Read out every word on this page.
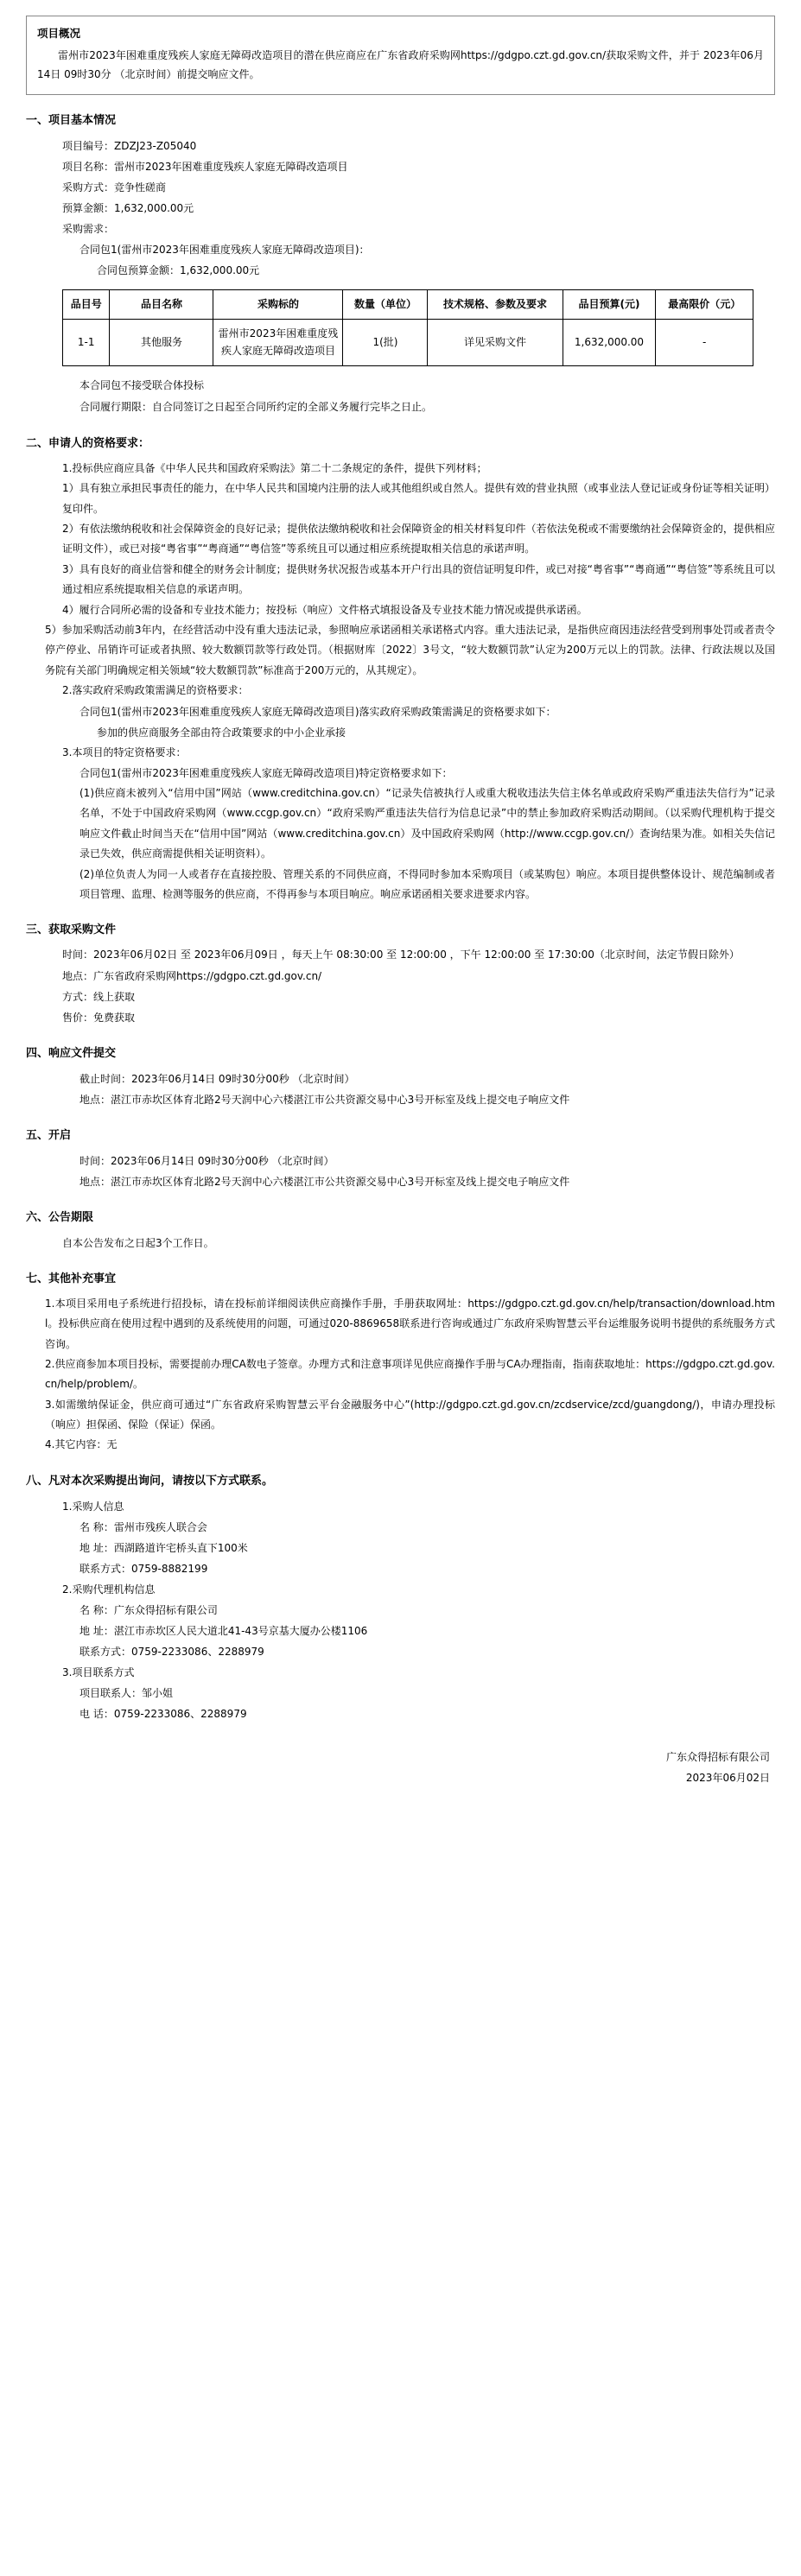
项目概况
雷州市2023年困难重度残疾人家庭无障碍改造项目的潜在供应商应在广东省政府采购网https://gdgpo.czt.gd.gov.cn/获取采购文件，并于 2023年06月14日 09时30分 （北京时间）前提交响应文件。
一、项目基本情况
项目编号：ZDZJ23-Z05040
项目名称：雷州市2023年困难重度残疾人家庭无障碍改造项目
采购方式：竞争性磋商
预算金额：1,632,000.00元
采购需求：
合同包1(雷州市2023年困难重度残疾人家庭无障碍改造项目)：
合同包预算金额：1,632,000.00元
品目号	品目名称	采购标的	数量（单位）	技术规格、参数及要求	品目预算(元)	最高限价（元）
1-1	其他服务	雷州市2023年困难重度残疾人家庭无障碍改造项目	1(批)	详见采购文件	1,632,000.00	-
本合同包不接受联合体投标
合同履行期限：自合同签订之日起至合同所约定的全部义务履行完毕之日止。
二、申请人的资格要求：
1.投标供应商应具备《中华人民共和国政府采购法》第二十二条规定的条件，提供下列材料；
1）具有独立承担民事责任的能力，在中华人民共和国境内注册的法人或其他组织或自然人。提供有效的营业执照（或事业法人登记证或身份证等相关证明）复印件。
2）有依法缴纳税收和社会保障资金的良好记录；提供依法缴纳税收和社会保障资金的相关材料复印件（若依法免税或不需要缴纳社会保障资金的，提供相应证明文件），或已对接“粤省事”“粤商通”“粤信签”等系统且可以通过相应系统提取相关信息的承诺声明。
3）具有良好的商业信誉和健全的财务会计制度；提供财务状况报告或基本开户行出具的资信证明复印件，或已对接“粤省事”“粤商通”“粤信签”等系统且可以通过相应系统提取相关信息的承诺声明。
4）履行合同所必需的设备和专业技术能力；按投标（响应）文件格式填报设备及专业技术能力情况或提供承诺函。
5）参加采购活动前3年内，在经营活动中没有重大违法记录，参照响应承诺函相关承诺格式内容。重大违法记录，是指供应商因违法经营受到刑事处罚或者责令停产停业、吊销许可证或者执照、较大数额罚款等行政处罚。（根据财库〔2022〕3号文，“较大数额罚款”认定为200万元以上的罚款。法律、行政法规以及国务院有关部门明确规定相关领域“较大数额罚款”标准高于200万元的，从其规定）。
2.落实政府采购政策需满足的资格要求：
合同包1(雷州市2023年困难重度残疾人家庭无障碍改造项目)落实政府采购政策需满足的资格要求如下：
参加的供应商服务全部由符合政策要求的中小企业承接
3.本项目的特定资格要求：
合同包1(雷州市2023年困难重度残疾人家庭无障碍改造项目)特定资格要求如下：
(1)供应商未被列入“信用中国”网站（www.creditchina.gov.cn）“记录失信被执行人或重大税收违法失信主体名单或政府采购严重违法失信行为”记录名单，不处于中国政府采购网（www.ccgp.gov.cn）“政府采购严重违法失信行为信息记录”中的禁止参加政府采购活动期间。（以采购代理机构于提交响应文件截止时间当天在“信用中国”网站（www.creditchina.gov.cn）及中国政府采购网（http://www.ccgp.gov.cn/）查询结果为准。如相关失信记录已失效，供应商需提供相关证明资料）。
(2)单位负责人为同一人或者存在直接控股、管理关系的不同供应商，不得同时参加本采购项目（或某购包）响应。本项目提供整体设计、规范编制或者项目管理、监理、检测等服务的供应商，不得再参与本项目响应。响应承诺函相关要求进要求内容。
三、获取采购文件
时间：2023年06月02日 至 2023年06月09日 ，每天上午 08:30:00 至 12:00:00 ，下午 12:00:00 至 17:30:00（北京时间，法定节假日除外）
地点：广东省政府采购网https://gdgpo.czt.gd.gov.cn/
方式：线上获取
售价：免费获取
四、响应文件提交
截止时间：2023年06月14日 09时30分00秒 （北京时间）
地点：湛江市赤坎区体育北路2号天润中心六楼湛江市公共资源交易中心3号开标室及线上提交电子响应文件
五、开启
时间：2023年06月14日 09时30分00秒 （北京时间）
地点：湛江市赤坎区体育北路2号天润中心六楼湛江市公共资源交易中心3号开标室及线上提交电子响应文件
六、公告期限
自本公告发布之日起3个工作日。
七、其他补充事宜
1.本项目采用电子系统进行招投标，请在投标前详细阅读供应商操作手册，手册获取网址：https://gdgpo.czt.gd.gov.cn/help/transaction/download.html。投标供应商在使用过程中遇到的及系统使用的问题，可通过020-8869658联系进行咨询或通过广东政府采购智慧云平台运维服务说明书提供的系统服务方式咨询。
2.供应商参加本项目投标，需要提前办理CA数电子签章。办理方式和注意事项详见供应商操作手册与CA办理指南，指南获取地址：https://gdgpo.czt.gd.gov.cn/help/problem/。
3.如需缴纳保证金，供应商可通过“广东省政府采购智慧云平台金融服务中心”(http://gdgpo.czt.gd.gov.cn/zcdservice/zcd/guangdong/)，申请办理投标（响应）担保函、保险（保证）保函。
4.其它内容：无
八、凡对本次采购提出询问，请按以下方式联系。
1.采购人信息
名 称：雷州市残疾人联合会
地 址：西湖路道许宅桥头直下100米
联系方式：0759-8882199
2.采购代理机构信息
名 称：广东众得招标有限公司
地 址：湛江市赤坎区人民大道北41-43号京基大厦办公楼1106
联系方式：0759-2233086、2288979
3.项目联系方式
项目联系人：邹小姐
电 话：0759-2233086、2288979
广东众得招标有限公司
2023年06月02日
